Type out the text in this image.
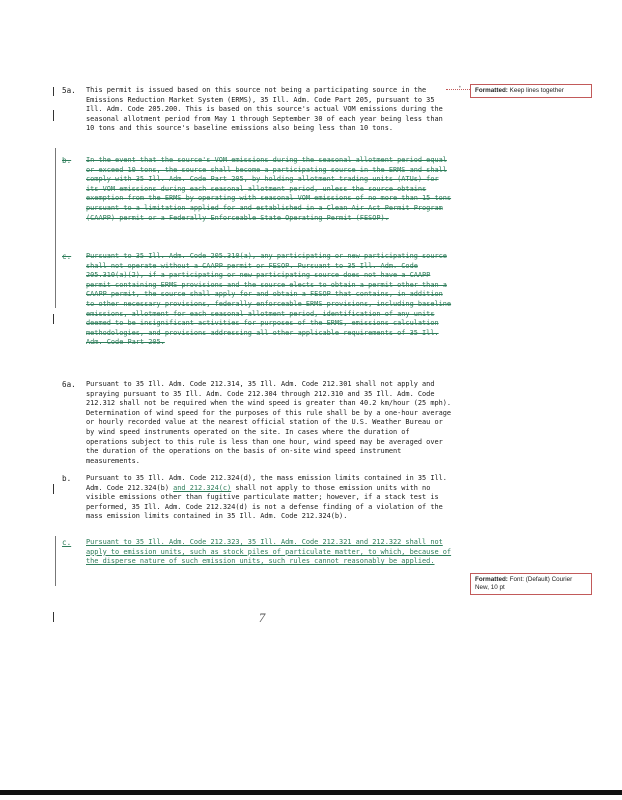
5a.	This permit is issued based on this source not being a participating source in the Emissions Reduction Market System (ERMS), 35 Ill. Adm. Code Part 205, pursuant to 35 Ill. Adm. Code 205.200. This is based on this source's actual VOM emissions during the seasonal allotment period from May 1 through September 30 of each year being less than 10 tons and this source's baseline emissions also being less than 10 tons.
b.	In the event that the source's VOM emissions during the seasonal allotment period equal or exceed 10 tons, the source shall become a participating source in the ERMS and shall comply with 35 Ill. Adm. Code Part 205, by holding allotment trading units (ATUs) for its VOM emissions during each seasonal allotment period, unless the source obtains exemption from the ERMS by operating with seasonal VOM emissions of no more than 15 tons pursuant to a limitation applied for and established in a Clean Air Act Permit Program (CAAPP) permit or a Federally Enforceable State Operating Permit (FESOP).
c.	Pursuant to 35 Ill. Adm. Code 205.310(a), any participating or new participating source shall not operate without a CAAPP permit or FESOP. Pursuant to 35 Ill. Adm. Code 205.310(a)(2), if a participating or new participating source does not have a CAAPP permit containing ERMS provisions and the source elects to obtain a permit other than a CAAPP permit, the source shall apply for and obtain a FESOP that contains, in addition to other necessary provisions, federally enforceable ERMS provisions, including baseline emissions, allotment for each seasonal allotment period, identification of any units deemed to be insignificant activities for purposes of the ERMS, emissions calculation methodologies, and provisions addressing all other applicable requirements of 35 Ill. Adm. Code Part 205.
6a.	Pursuant to 35 Ill. Adm. Code 212.314, 35 Ill. Adm. Code 212.301 shall not apply and spraying pursuant to 35 Ill. Adm. Code 212.304 through 212.310 and 35 Ill. Adm. Code 212.312 shall not be required when the wind speed is greater than 40.2 km/hour (25 mph). Determination of wind speed for the purposes of this rule shall be by a one-hour average or hourly recorded value at the nearest official station of the U.S. Weather Bureau or by wind speed instruments operated on the site. In cases where the duration of operations subject to this rule is less than one hour, wind speed may be averaged over the duration of the operations on the basis of on-site wind speed instrument measurements.
b.	Pursuant to 35 Ill. Adm. Code 212.324(d), the mass emission limits contained in 35 Ill. Adm. Code 212.324(b) and 212.324(c) shall not apply to those emission units with no visible emissions other than fugitive particulate matter; however, if a stack test is performed, 35 Ill. Adm. Code 212.324(d) is not a defense finding of a violation of the mass emission limits contained in 35 Ill. Adm. Code 212.324(b).
c.	Pursuant to 35 Ill. Adm. Code 212.323, 35 Ill. Adm. Code 212.321 and 212.322 shall not apply to emission units, such as stock piles of particulate matter, to which, because of the disperse nature of such emission units, such rules cannot reasonably be applied.
•	Formatted: Keep lines together
Formatted: Font: (Default) Courier New, 10 pt
7
